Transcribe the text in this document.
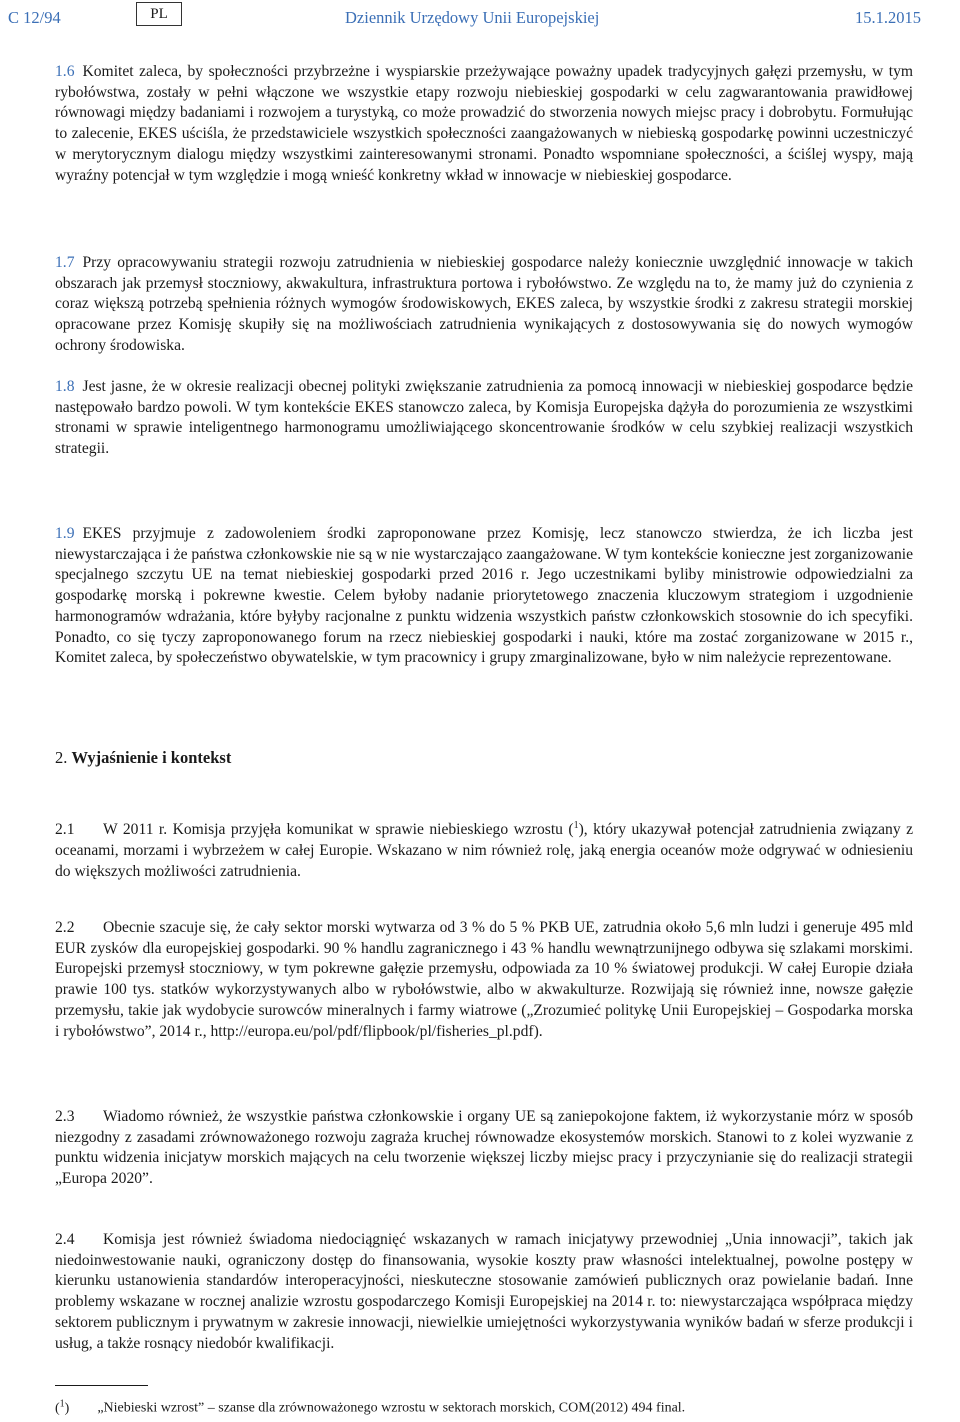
C 12/94	PL	Dziennik Urzędowy Unii Europejskiej	15.1.2015

1.6 Komitet zaleca, by społeczności przybrzeżne i wyspiarskie przeżywające poważny upadek tradycyjnych gałęzi przemysłu, w tym rybołówstwa, zostały w pełni włączone we wszystkie etapy rozwoju niebieskiej gospodarki w celu zagwarantowania prawidłowej równowagi między badaniami i rozwojem a turystyką, co może prowadzić do stworzenia nowych miejsc pracy i dobrobytu. Formułując to zalecenie, EKES uściśla, że przedstawiciele wszystkich społeczności zaangażowanych w niebieską gospodarkę powinni uczestniczyć w merytorycznym dialogu między wszystkimi zainteresowanymi stronami. Ponadto wspomniane społeczności, a ściślej wyspy, mają wyraźny potencjał w tym względzie i mogą wnieść konkretny wkład w innowacje w niebieskiej gospodarce.

1.7 Przy opracowywaniu strategii rozwoju zatrudnienia w niebieskiej gospodarce należy koniecznie uwzględnić innowacje w takich obszarach jak przemysł stoczniowy, akwakultura, infrastruktura portowa i rybołówstwo. Ze względu na to, że mamy już do czynienia z coraz większą potrzebą spełnienia różnych wymogów środowiskowych, EKES zaleca, by wszystkie środki z zakresu strategii morskiej opracowane przez Komisję skupiły się na możliwościach zatrudnienia wynikających z dostosowywania się do nowych wymogów ochrony środowiska.

1.8 Jest jasne, że w okresie realizacji obecnej polityki zwiększanie zatrudnienia za pomocą innowacji w niebieskiej gospodarce będzie następowało bardzo powoli. W tym kontekście EKES stanowczo zaleca, by Komisja Europejska dążyła do porozumienia ze wszystkimi stronami w sprawie inteligentnego harmonogramu umożliwiającego skoncentrowanie środków w celu szybkiej realizacji wszystkich strategii.

1.9 EKES przyjmuje z zadowoleniem środki zaproponowane przez Komisję, lecz stanowczo stwierdza, że ich liczba jest niewystarczająca i że państwa członkowskie nie są w nie wystarczająco zaangażowane. W tym kontekście konieczne jest zorganizowanie specjalnego szczytu UE na temat niebieskiej gospodarki przed 2016 r. Jego uczestnikami byliby ministrowie odpowiedzialni za gospodarkę morską i pokrewne kwestie. Celem byłoby nadanie priorytetowego znaczenia kluczowym strategiom i uzgodnienie harmonogramów wdrażania, które byłyby racjonalne z punktu widzenia wszystkich państw członkowskich stosownie do ich specyfiki. Ponadto, co się tyczy zaproponowanego forum na rzecz niebieskiej gospodarki i nauki, które ma zostać zorganizowane w 2015 r., Komitet zaleca, by społeczeństwo obywatelskie, w tym pracownicy i grupy zmarginalizowane, było w nim należycie reprezentowane.

2. Wyjaśnienie i kontekst

2.1 W 2011 r. Komisja przyjęła komunikat w sprawie niebieskiego wzrostu ($^1$), który ukazywał potencjał zatrudnienia związany z oceanami, morzami i wybrzeżem w całej Europie. Wskazano w nim również rolę, jaką energia oceanów może odgrywać w odniesieniu do większych możliwości zatrudnienia.

2.2 Obecnie szacuje się, że cały sektor morski wytwarza od 3 % do 5 % PKB UE, zatrudnia około 5,6 mln ludzi i generuje 495 mld EUR zysków dla europejskiej gospodarki. 90 % handlu zagranicznego i 43 % handlu wewnątrzunijnego odbywa się szlakami morskimi. Europejski przemysł stoczniowy, w tym pokrewne gałęzie przemysłu, odpowiada za 10 % światowej produkcji. W całej Europie działa prawie 100 tys. statków wykorzystywanych albo w rybołówstwie, albo w akwakulturze. Rozwijają się również inne, nowsze gałęzie przemysłu, takie jak wydobycie surowców mineralnych i farmy wiatrowe („Zrozumieć politykę Unii Europejskiej – Gospodarka morska i rybołówstwo”, 2014 r., http://europa.eu/pol/pdf/flipbook/pl/fisheries_pl.pdf).

2.3 Wiadomo również, że wszystkie państwa członkowskie i organy UE są zaniepokojone faktem, iż wykorzystanie mórz w sposób niezgodny z zasadami zrównoważonego rozwoju zagraża kruchej równowadze ekosystemów morskich. Stanowi to z kolei wyzwanie z punktu widzenia inicjatyw morskich mających na celu tworzenie większej liczby miejsc pracy i przyczynianie się do realizacji strategii „Europa 2020”.

2.4 Komisja jest również świadoma niedociągnięć wskazanych w ramach inicjatywy przewodniej „Unia innowacji”, takich jak niedoinwestowanie nauki, ograniczony dostęp do finansowania, wysokie koszty praw własności intelektualnej, powolne postępy w kierunku ustanowienia standardów interoperacyjności, nieskuteczne stosowanie zamówień publicznych oraz powielanie badań. Inne problemy wskazane w rocznej analizie wzrostu gospodarczego Komisji Europejskiej na 2014 r. to: niewystarczająca współpraca między sektorem publicznym i prywatnym w zakresie innowacji, niewielkie umiejętności wykorzystywania wyników badań w sferze produkcji i usług, a także rosnący niedobór kwalifikacji.

($^1$) „Niebieski wzrost” – szanse dla zrównoważonego wzrostu w sektorach morskich, COM(2012) 494 final.
